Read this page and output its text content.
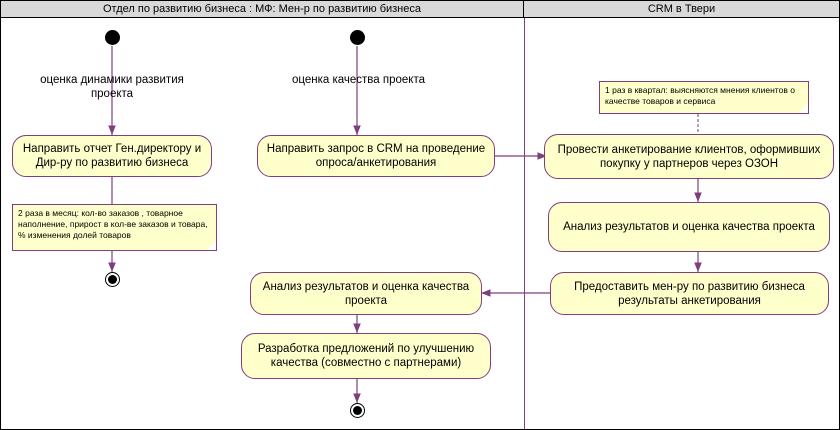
Отдел по развитию бизнеса : МФ: Мен-р по развитию бизнеса	CRM в Твери
оценка динамики развития проекта
оценка качества проекта
Направить отчет Ген.директору и Дир-ру по развитию бизнеса
Направить запрос в CRM на проведение опроса/анкетирования
Провести анкетирование клиентов, оформивших покупку у партнеров через ОЗОН
Анализ результатов и оценка качества проекта
Предоставить мен-ру по развитию бизнеса результаты анкетирования
Анализ результатов и оценка качества проекта
Разработка предложений по улучшению качества (совместно с партнерами)
1 раз в квартал: выясняются мнения клиентов о качестве товаров и сервиса
2 раза в месяц: кол-во заказов , товарное наполнение, прирост в кол-ве заказов и товара, % изменения долей товаров
